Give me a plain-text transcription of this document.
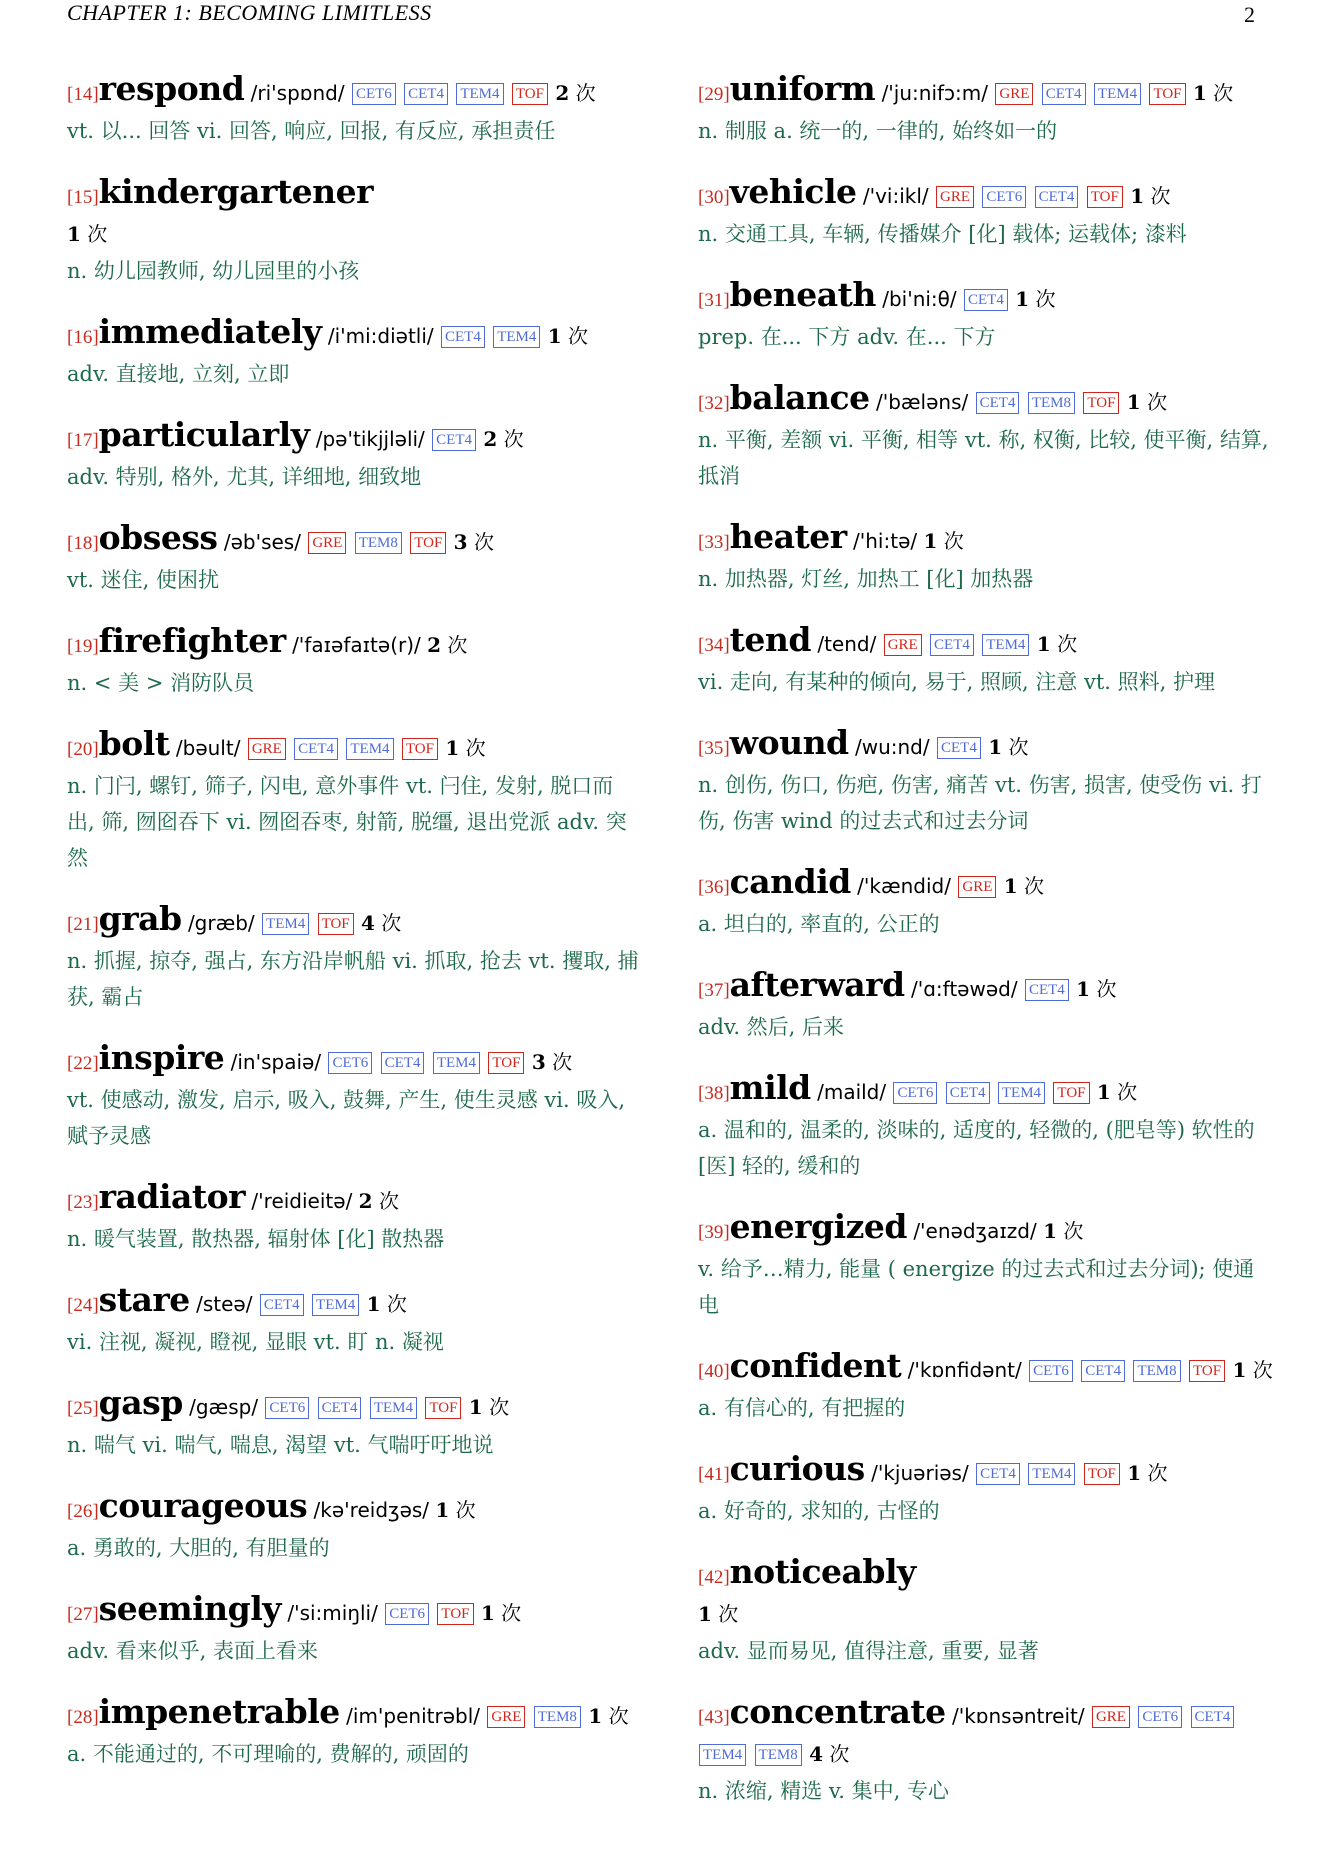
CHAPTER 1: BECOMING LIMITLESS	2
[14]respond /ri'spɒnd/ CET6 CET4 TEM4 TOF 2 次
vt. 以... 回答 vi. 回答, 响应, 回报, 有反应, 承担责任
[15]kindergartener
1 次
n. 幼儿园教师, 幼儿园里的小孩
[16]immediately /i'mi:diətli/ CET4 TEM4 1 次
adv. 直接地, 立刻, 立即
[17]particularly /pə'tikjjləli/ CET4 2 次
adv. 特别, 格外, 尤其, 详细地, 细致地
[18]obsess /əb'ses/ GRE TEM8 TOF 3 次
vt. 迷住, 使困扰
[19]firefighter /'faɪəfaɪtə(r)/ 2 次
n. < 美 > 消防队员
[20]bolt /bəult/ GRE CET4 TEM4 TOF 1 次
n. 门闩, 螺钉, 筛子, 闪电, 意外事件 vt. 闩住, 发射, 脱口而出, 筛, 囫囵吞下 vi. 囫囵吞枣, 射箭, 脱缰, 退出党派 adv. 突然
[21]grab /græb/ TEM4 TOF 4 次
n. 抓握, 掠夺, 强占, 东方沿岸帆船 vi. 抓取, 抢去 vt. 攫取, 捕获, 霸占
[22]inspire /in'spaiə/ CET6 CET4 TEM4 TOF 3 次
vt. 使感动, 激发, 启示, 吸入, 鼓舞, 产生, 使生灵感 vi. 吸入, 赋予灵感
[23]radiator /'reidieitə/ 2 次
n. 暖气装置, 散热器, 辐射体 [化] 散热器
[24]stare /steə/ CET4 TEM4 1 次
vi. 注视, 凝视, 瞪视, 显眼 vt. 盯 n. 凝视
[25]gasp /gæsp/ CET6 CET4 TEM4 TOF 1 次
n. 喘气 vi. 喘气, 喘息, 渴望 vt. 气喘吁吁地说
[26]courageous /kə'reidʒəs/ 1 次
a. 勇敢的, 大胆的, 有胆量的
[27]seemingly /'si:miŋli/ CET6 TOF 1 次
adv. 看来似乎, 表面上看来
[28]impenetrable /im'penitrəbl/ GRE TEM8 1 次
a. 不能通过的, 不可理喻的, 费解的, 顽固的
[29]uniform /'ju:nifɔ:m/ GRE CET4 TEM4 TOF 1 次
n. 制服 a. 统一的, 一律的, 始终如一的
[30]vehicle /'vi:ikl/ GRE CET6 CET4 TOF 1 次
n. 交通工具, 车辆, 传播媒介 [化] 载体; 运载体; 漆料
[31]beneath /bi'ni:θ/ CET4 1 次
prep. 在... 下方 adv. 在... 下方
[32]balance /'bæləns/ CET4 TEM8 TOF 1 次
n. 平衡, 差额 vi. 平衡, 相等 vt. 称, 权衡, 比较, 使平衡, 结算, 抵消
[33]heater /'hi:tə/ 1 次
n. 加热器, 灯丝, 加热工 [化] 加热器
[34]tend /tend/ GRE CET4 TEM4 1 次
vi. 走向, 有某种的倾向, 易于, 照顾, 注意 vt. 照料, 护理
[35]wound /wu:nd/ CET4 1 次
n. 创伤, 伤口, 伤疤, 伤害, 痛苦 vt. 伤害, 损害, 使受伤 vi. 打伤, 伤害 wind 的过去式和过去分词
[36]candid /'kændid/ GRE 1 次
a. 坦白的, 率直的, 公正的
[37]afterward /'ɑ:ftəwəd/ CET4 1 次
adv. 然后, 后来
[38]mild /maild/ CET6 CET4 TEM4 TOF 1 次
a. 温和的, 温柔的, 淡味的, 适度的, 轻微的, (肥皂等) 软性的 [医] 轻的, 缓和的
[39]energized /'enədʒaɪzd/ 1 次
v. 给予…精力, 能量 ( energize 的过去式和过去分词); 使通电
[40]confident /'kɒnfidənt/ CET6 CET4 TEM8 TOF 1 次
a. 有信心的, 有把握的
[41]curious /'kjuəriəs/ CET4 TEM4 TOF 1 次
a. 好奇的, 求知的, 古怪的
[42]noticeably
1 次
adv. 显而易见, 值得注意, 重要, 显著
[43]concentrate /'kɒnsəntreit/ GRE CET6 CET4 TEM4 TEM8 4 次
n. 浓缩, 精选 v. 集中, 专心
